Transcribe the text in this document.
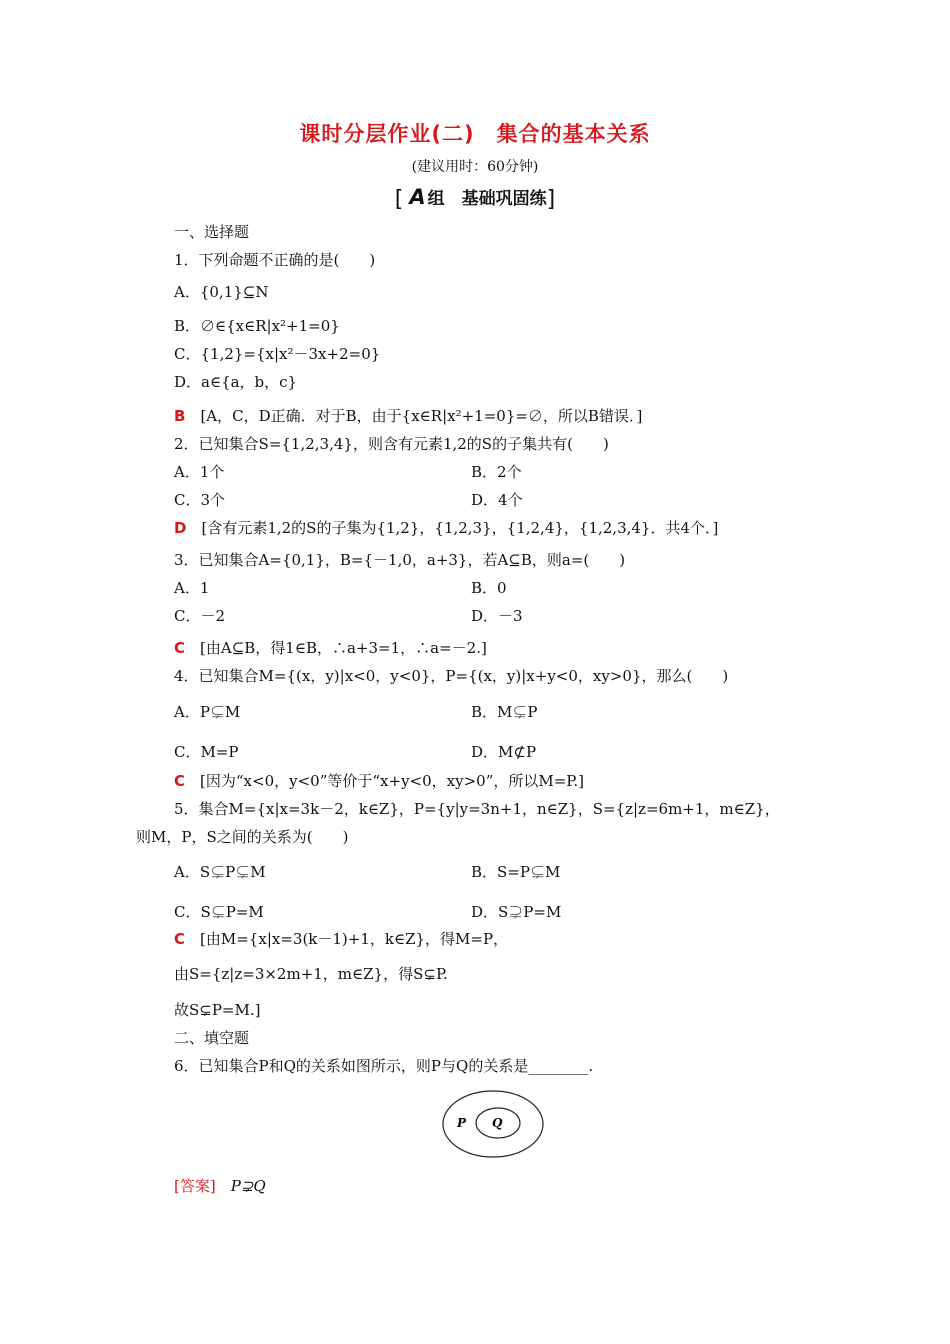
课时分层作业(二)　集合的基本关系
(建议用时：60分钟)
[ A 组　基础巩固练]
一、选择题
1．下列命题不正确的是(　　)
A．{0,1}⊆N
B．∅∈{x∈R|x²+1=0}
C．{1,2}={x|x²－3x+2=0}
D．a∈{a，b，c}
B　 [A，C，D正确．对于B，由于{x∈R|x²+1=0}=∅，所以B错误．]
2．已知集合S={1,2,3,4}，则含有元素1,2的S的子集共有(　　)
A．1个	B．2个
C．3个	D．4个
D　 [含有元素1,2的S的子集为{1,2}，{1,2,3}，{1,2,4}，{1,2,3,4}．共4个．]
3．已知集合A={0,1}，B={－1,0，a+3}，若A⊆B，则a=(　　)
A．1	B．0
C．－2	D．－3
C　 [由A⊆B，得1∈B，∴a+3=1，∴a=－2.]
4．已知集合M={(x，y)|x<0，y<0}，P={(x，y)|x+y<0，xy>0}，那么(　　)
A．P⊊M	B．M⊊P
C．M=P	D．M⊄P
C　 [因为“x<0，y<0”等价于“x+y<0，xy>0”，所以M=P.]
5．集合M={x|x=3k－2，k∈Z}，P={y|y=3n+1，n∈Z}，S={z|z=6m+1，m∈Z}，
则M，P，S之间的关系为(　　)
A．S⊊P⊊M	B．S=P⊊M
C．S⊊P=M	D．S⊋P=M
C　 [由M={x|x=3(k－1)+1，k∈Z}，得M=P，
由S={z|z=3×2m+1，m∈Z}，得S⊊P.
故S⊊P=M.]
二、填空题
6．已知集合P和Q的关系如图所示，则P与Q的关系是________.
P Q
[答案]　 P⊋Q
